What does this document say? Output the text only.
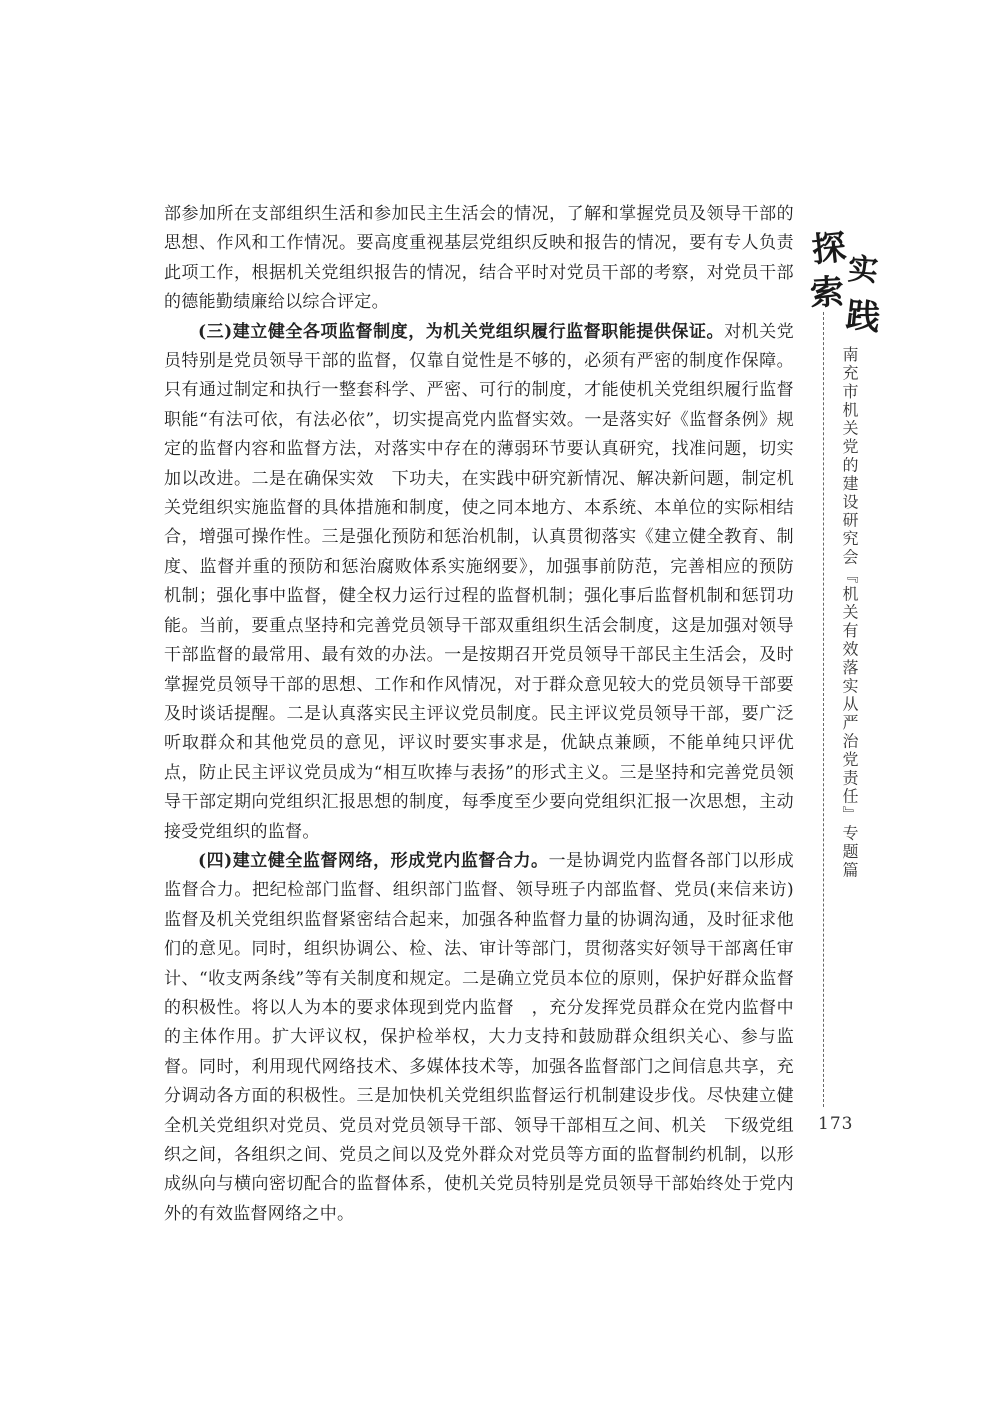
部参加所在支部组织生活和参加民主生活会的情况，了解和掌握党员及领导干部的思想、作风和工作情况。要高度重视基层党组织反映和报告的情况，要有专人负责此项工作，根据机关党组织报告的情况，结合平时对党员干部的考察，对党员干部的德能勤绩廉给以综合评定。

(三)建立健全各项监督制度，为机关党组织履行监督职能提供保证。对机关党员特别是党员领导干部的监督，仅靠自觉性是不够的，必须有严密的制度作保障。只有通过制定和执行一整套科学、严密、可行的制度，才能使机关党组织履行监督职能“有法可依，有法必依”，切实提高党内监督实效。一是落实好《监督条例》规定的监督内容和监督方法，对落实中存在的薄弱环节要认真研究，找准问题，切实加以改进。二是在确保实效　下功夫，在实践中研究新情况、解决新问题，制定机关党组织实施监督的具体措施和制度，使之同本地方、本系统、本单位的实际相结合，增强可操作性。三是强化预防和惩治机制，认真贯彻落实《建立健全教育、制度、监督并重的预防和惩治腐败体系实施纲要》，加强事前防范，完善相应的预防机制；强化事中监督，健全权力运行过程的监督机制；强化事后监督机制和惩罚功能。当前，要重点坚持和完善党员领导干部双重组织生活会制度，这是加强对领导干部监督的最常用、最有效的办法。一是按期召开党员领导干部民主生活会，及时掌握党员领导干部的思想、工作和作风情况，对于群众意见较大的党员领导干部要及时谈话提醒。二是认真落实民主评议党员制度。民主评议党员领导干部，要广泛听取群众和其他党员的意见，评议时要实事求是，优缺点兼顾，不能单纯只评优点，防止民主评议党员成为“相互吹捧与表扬”的形式主义。三是坚持和完善党员领导干部定期向党组织汇报思想的制度，每季度至少要向党组织汇报一次思想，主动接受党组织的监督。

(四)建立健全监督网络，形成党内监督合力。一是协调党内监督各部门以形成监督合力。把纪检部门监督、组织部门监督、领导班子内部监督、党员(来信来访)监督及机关党组织监督紧密结合起来，加强各种监督力量的协调沟通，及时征求他们的意见。同时，组织协调公、检、法、审计等部门，贯彻落实好领导干部离任审计、“收支两条线”等有关制度和规定。二是确立党员本位的原则，保护好群众监督的积极性。将以人为本的要求体现到党内监督　，充分发挥党员群众在党内监督中的主体作用。扩大评议权，保护检举权，大力支持和鼓励群众组织关心、参与监督。同时，利用现代网络技术、多媒体技术等，加强各监督部门之间信息共享，充分调动各方面的积极性。三是加快机关党组织监督运行机制建设步伐。尽快建立健全机关党组织对党员、党员对党员领导干部、领导干部相互之间、机关　下级党组织之间，各组织之间、党员之间以及党外群众对党员等方面的监督制约机制，以形成纵向与横向密切配合的监督体系，使机关党员特别是党员领导干部始终处于党内外的有效监督网络之中。

探
实
索
践
南充市机关党的建设研究会『机关有效落实从严治党责任』专题篇
173
